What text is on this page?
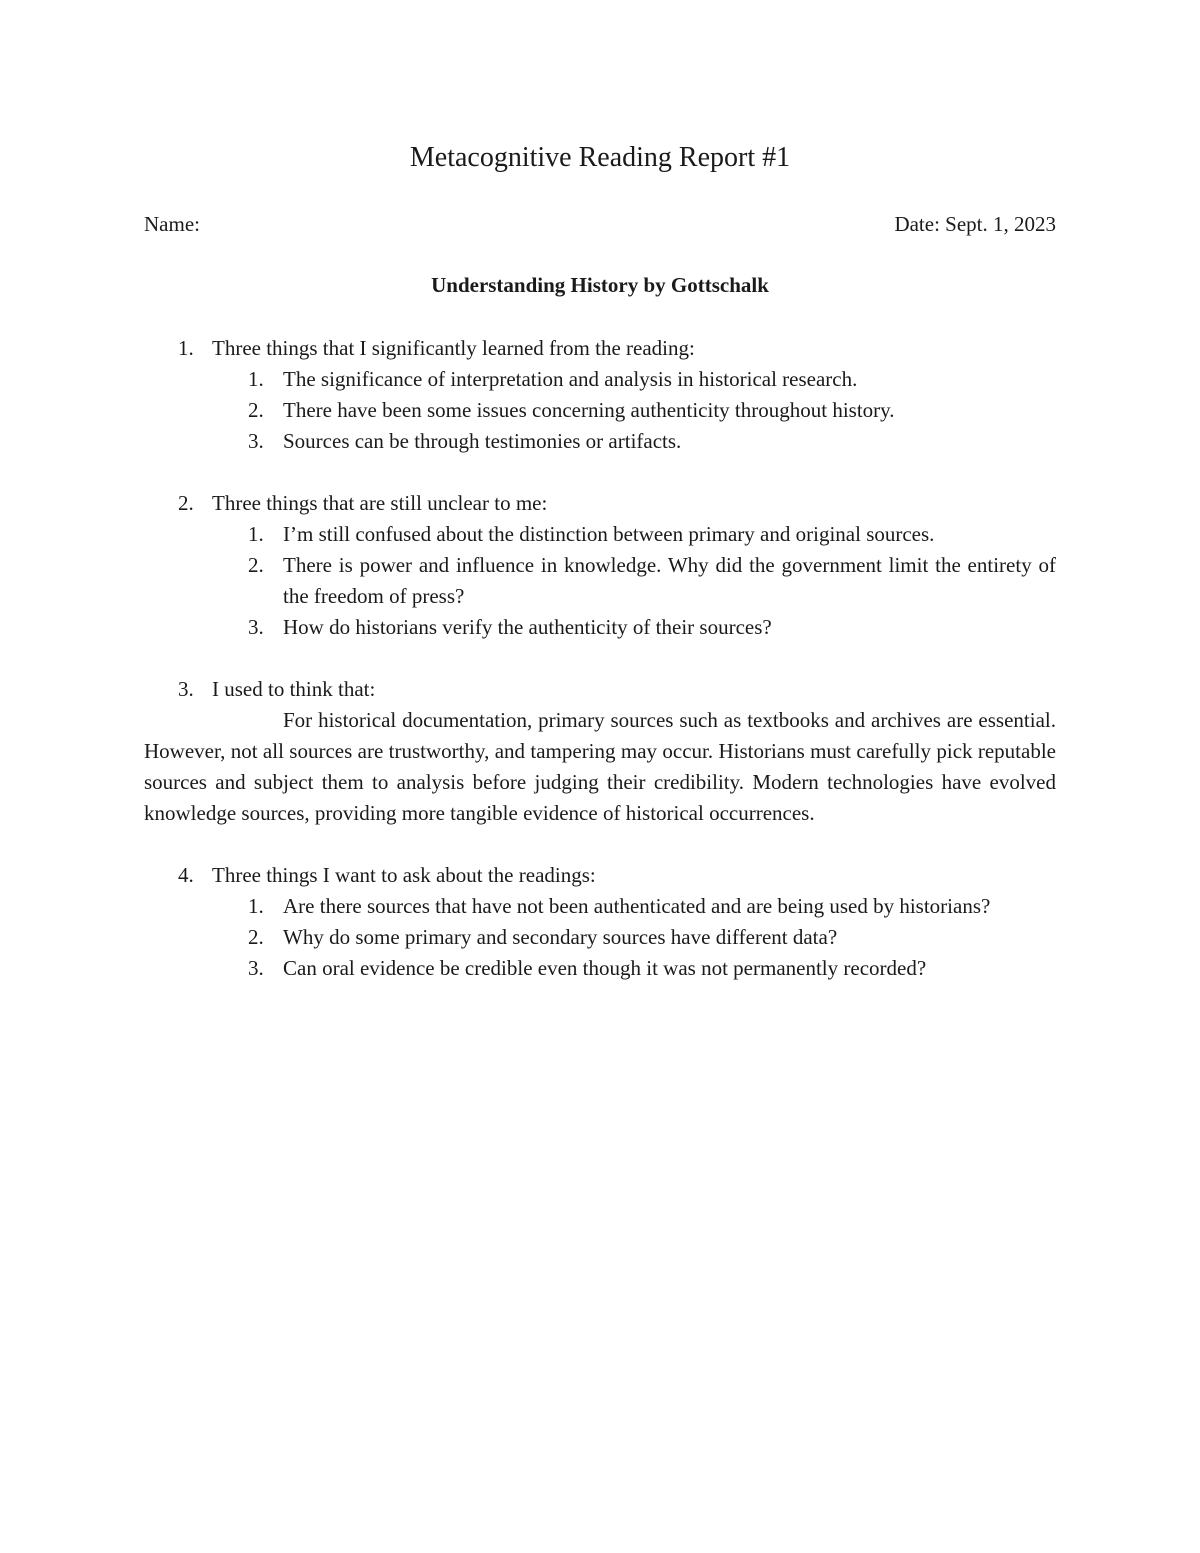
Metacognitive Reading Report #1
Name:	Date: Sept. 1, 2023
Understanding History by Gottschalk
1. Three things that I significantly learned from the reading:
1. The significance of interpretation and analysis in historical research.
2. There have been some issues concerning authenticity throughout history.
3. Sources can be through testimonies or artifacts.
2. Three things that are still unclear to me:
1. I’m still confused about the distinction between primary and original sources.
2. There is power and influence in knowledge. Why did the government limit the entirety of the freedom of press?
3. How do historians verify the authenticity of their sources?
3. I used to think that:

For historical documentation, primary sources such as textbooks and archives are essential. However, not all sources are trustworthy, and tampering may occur. Historians must carefully pick reputable sources and subject them to analysis before judging their credibility. Modern technologies have evolved knowledge sources, providing more tangible evidence of historical occurrences.

4. Three things I want to ask about the readings:
1. Are there sources that have not been authenticated and are being used by historians?
2. Why do some primary and secondary sources have different data?
3. Can oral evidence be credible even though it was not permanently recorded?
